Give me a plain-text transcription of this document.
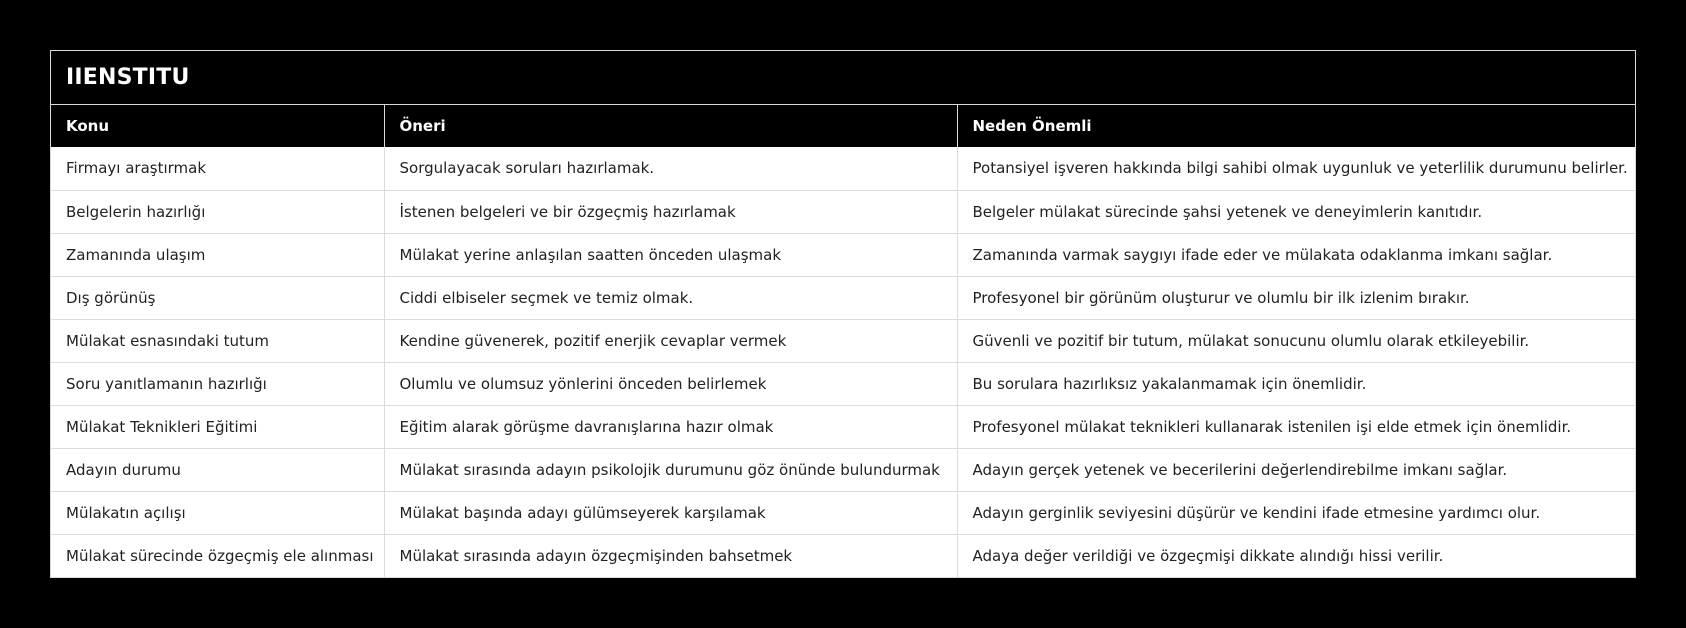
IIENSTITU
Konu	Öneri	Neden Önemli
Firmayı araştırmak	Sorgulayacak soruları hazırlamak.	Potansiyel işveren hakkında bilgi sahibi olmak uygunluk ve yeterlilik durumunu belirler.
Belgelerin hazırlığı	İstenen belgeleri ve bir özgeçmiş hazırlamak	Belgeler mülakat sürecinde şahsi yetenek ve deneyimlerin kanıtıdır.
Zamanında ulaşım	Mülakat yerine anlaşılan saatten önceden ulaşmak	Zamanında varmak saygıyı ifade eder ve mülakata odaklanma imkanı sağlar.
Dış görünüş	Ciddi elbiseler seçmek ve temiz olmak.	Profesyonel bir görünüm oluşturur ve olumlu bir ilk izlenim bırakır.
Mülakat esnasındaki tutum	Kendine güvenerek, pozitif enerjik cevaplar vermek	Güvenli ve pozitif bir tutum, mülakat sonucunu olumlu olarak etkileyebilir.
Soru yanıtlamanın hazırlığı	Olumlu ve olumsuz yönlerini önceden belirlemek	Bu sorulara hazırlıksız yakalanmamak için önemlidir.
Mülakat Teknikleri Eğitimi	Eğitim alarak görüşme davranışlarına hazır olmak	Profesyonel mülakat teknikleri kullanarak istenilen işi elde etmek için önemlidir.
Adayın durumu	Mülakat sırasında adayın psikolojik durumunu göz önünde bulundurmak	Adayın gerçek yetenek ve becerilerini değerlendirebilme imkanı sağlar.
Mülakatın açılışı	Mülakat başında adayı gülümseyerek karşılamak	Adayın gerginlik seviyesini düşürür ve kendini ifade etmesine yardımcı olur.
Mülakat sürecinde özgeçmiş ele alınması	Mülakat sırasında adayın özgeçmişinden bahsetmek	Adaya değer verildiği ve özgeçmişi dikkate alındığı hissi verilir.
